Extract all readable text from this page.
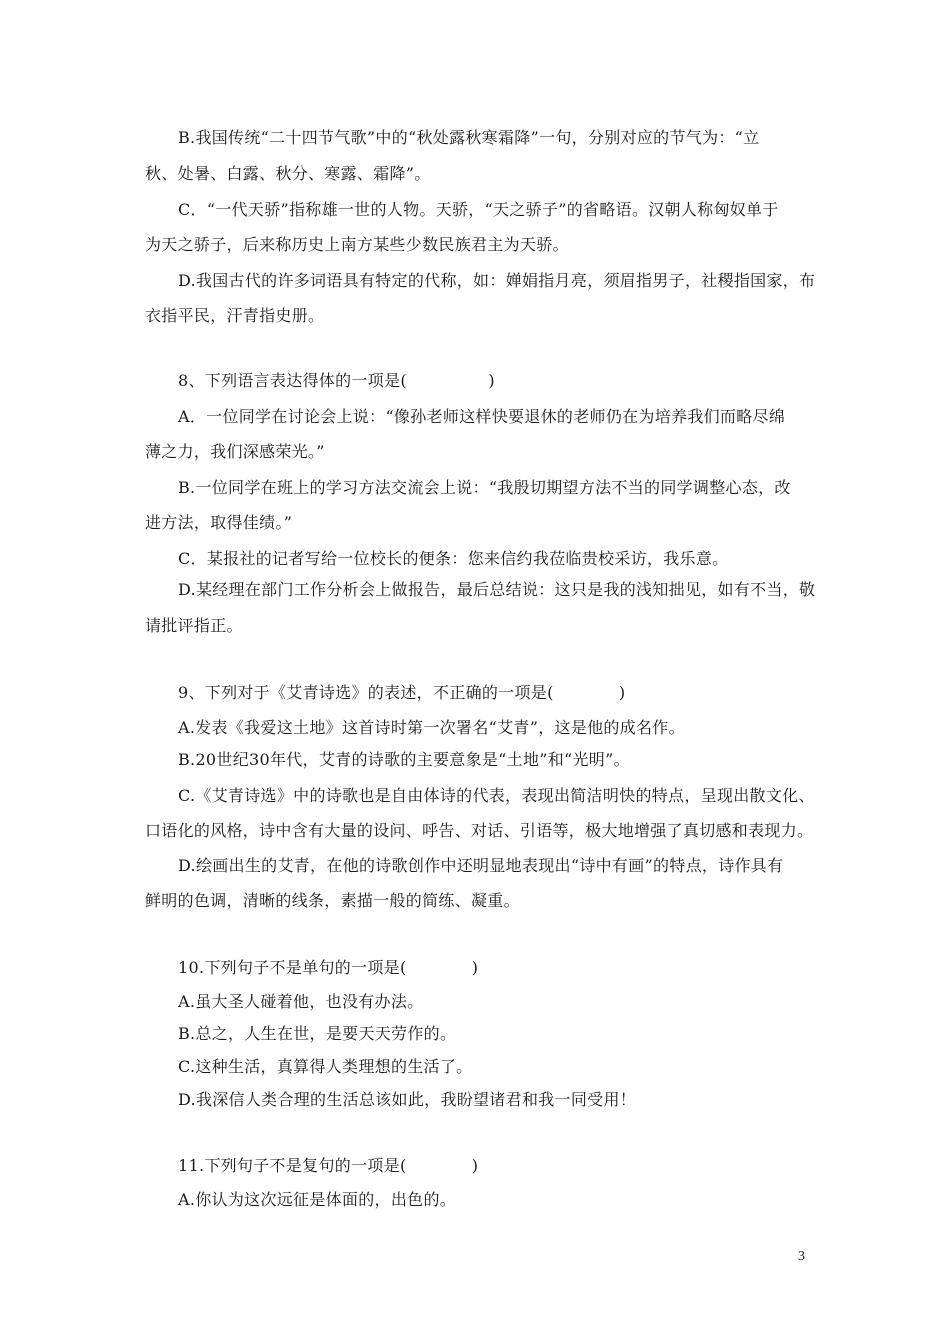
B.我国传统“二十四节气歌”中的“秋处露秋寒霜降”一句，分别对应的节气为：“立
秋、处暑、白露、秋分、寒露、霜降”。
C．“一代天骄”指称雄一世的人物。天骄，“天之骄子”的省略语。汉朝人称匈奴单于
为天之骄子，后来称历史上南方某些少数民族君主为天骄。
D.我国古代的许多词语具有特定的代称，如：婵娟指月亮，须眉指男子，社稷指国家，布
衣指平民，汗青指史册。
8、下列语言表达得体的一项是(　　　　　)
A．一位同学在讨论会上说：“像孙老师这样快要退休的老师仍在为培养我们而略尽绵
薄之力，我们深感荣光。”
B.一位同学在班上的学习方法交流会上说：“我殷切期望方法不当的同学调整心态，改
进方法，取得佳绩。”
C．某报社的记者写给一位校长的便条：您来信约我莅临贵校采访，我乐意。
D.某经理在部门工作分析会上做报告，最后总结说：这只是我的浅知拙见，如有不当，敬
请批评指正。
9、下列对于《艾青诗选》的表述，不正确的一项是(　　　　)
A.发表《我爱这土地》这首诗时第一次署名“艾青”，这是他的成名作。
B.20世纪30年代，艾青的诗歌的主要意象是“土地”和“光明”。
C.《艾青诗选》中的诗歌也是自由体诗的代表，表现出简洁明快的特点，呈现出散文化、
口语化的风格，诗中含有大量的设问、呼告、对话、引语等，极大地增强了真切感和表现力。
D.绘画出生的艾青，在他的诗歌创作中还明显地表现出“诗中有画”的特点，诗作具有
鲜明的色调，清晰的线条，素描一般的简练、凝重。
10.下列句子不是单句的一项是(　　　　)
A.虽大圣人碰着他，也没有办法。
B.总之，人生在世，是要天天劳作的。
C.这种生活，真算得人类理想的生活了。
D.我深信人类合理的生活总该如此，我盼望诸君和我一同受用！
11.下列句子不是复句的一项是(　　　　)
A.你认为这次远征是体面的，出色的。
3
